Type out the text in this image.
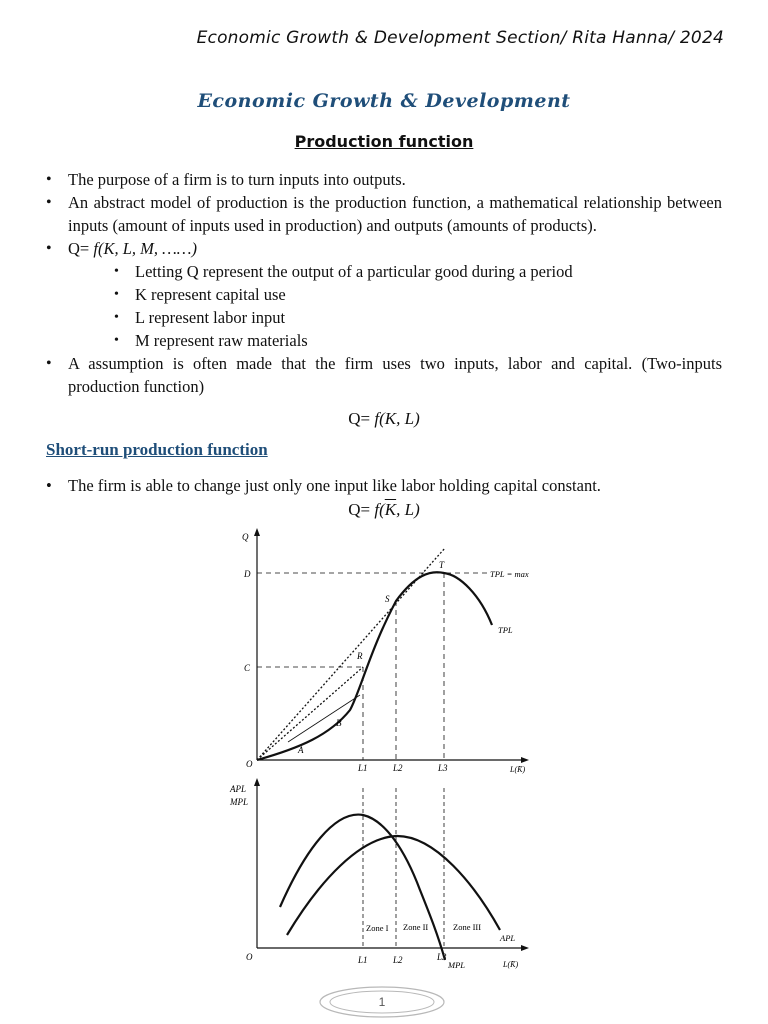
Economic Growth & Development Section/ Rita Hanna/ 2024
Economic Growth & Development
Production function
• The purpose of a firm is to turn inputs into outputs.
• An abstract model of production is the production function, a mathematical relationship between inputs (amount of inputs used in production) and outputs (amounts of products).
• Q= f(K, L, M, ……)
• Letting Q represent the output of a particular good during a period
• K represent capital use
• L represent labor input
• M represent raw materials
• A assumption is often made that the firm uses two inputs, labor and capital. (Two-inputs production function)
Q= f(K, L)
Short-run production function
• The firm is able to change just only one input like labor holding capital constant.
$Q= f(\overline{K}$, L)
Q
D
C
O	L1	L2	L3	L(K̄)
A
B
R
S
T
TPL = max
TPL
APL
MPL
O	L1	L2	L3
L(K̄)
Zone I Zone II	Zone III
APL
MPL
1
